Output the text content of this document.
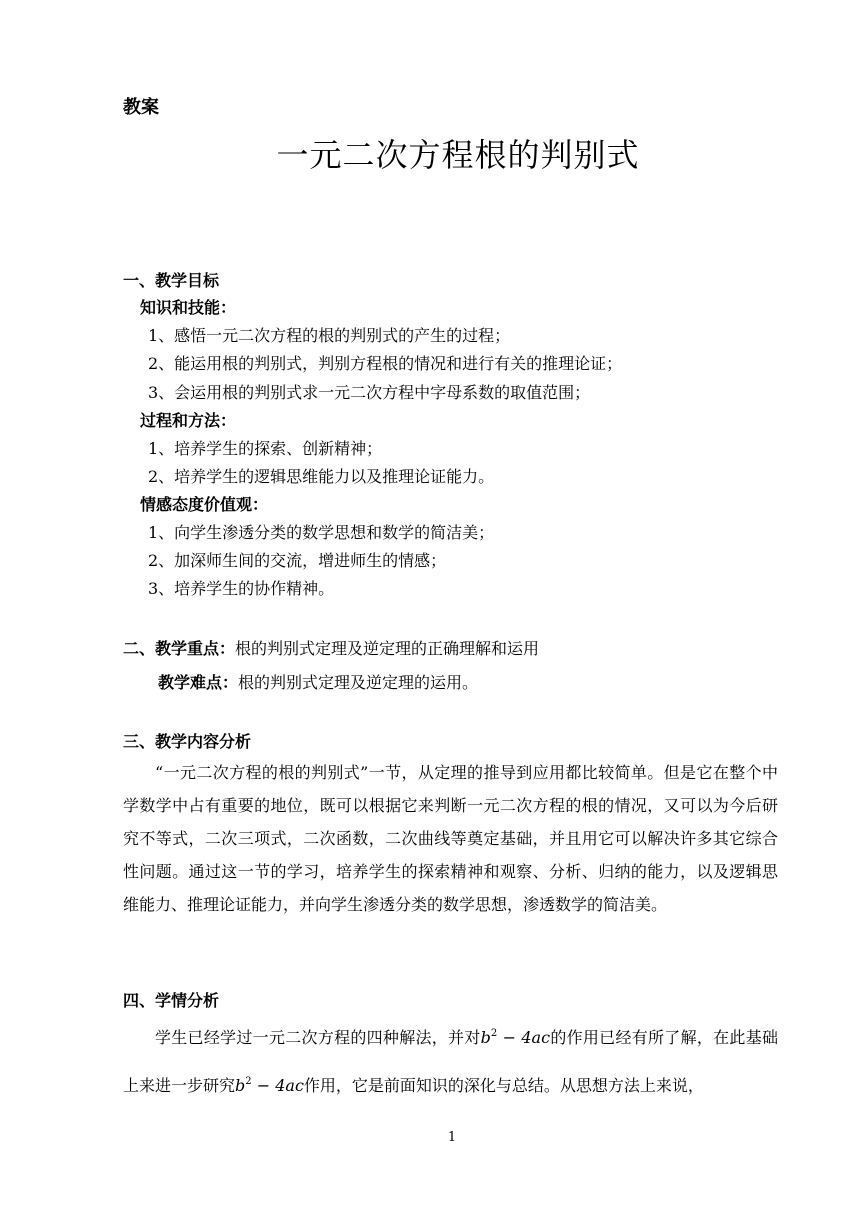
教案
一元二次方程根的判别式
一、教学目标
知识和技能：
1、感悟一元二次方程的根的判别式的产生的过程；
2、能运用根的判别式，判别方程根的情况和进行有关的推理论证；
3、会运用根的判别式求一元二次方程中字母系数的取值范围；
过程和方法：
1、培养学生的探索、创新精神；
2、培养学生的逻辑思维能力以及推理论证能力。
情感态度价值观：
1、向学生渗透分类的数学思想和数学的简洁美；
2、加深师生间的交流，增进师生的情感；
3、培养学生的协作精神。
二、教学重点：根的判别式定理及逆定理的正确理解和运用
教学难点：根的判别式定理及逆定理的运用。
三、教学内容分析

“一元二次方程的根的判别式”一节，从定理的推导到应用都比较简单。但是它在整个中学数学中占有重要的地位，既可以根据它来判断一元二次方程的根的情况，又可以为今后研究不等式，二次三项式，二次函数，二次曲线等奠定基础，并且用它可以解决许多其它综合性问题。通过这一节的学习，培养学生的探索精神和观察、分析、归纳的能力，以及逻辑思维能力、推理论证能力，并向学生渗透分类的数学思想，渗透数学的简洁美。

四、学情分析

学生已经学过一元二次方程的四种解法，并对$b^2 - 4ac$的作用已经有所了解，在此基础上来进一步研究$b^2 - 4ac$作用，它是前面知识的深化与总结。从思想方法上来说，

1
